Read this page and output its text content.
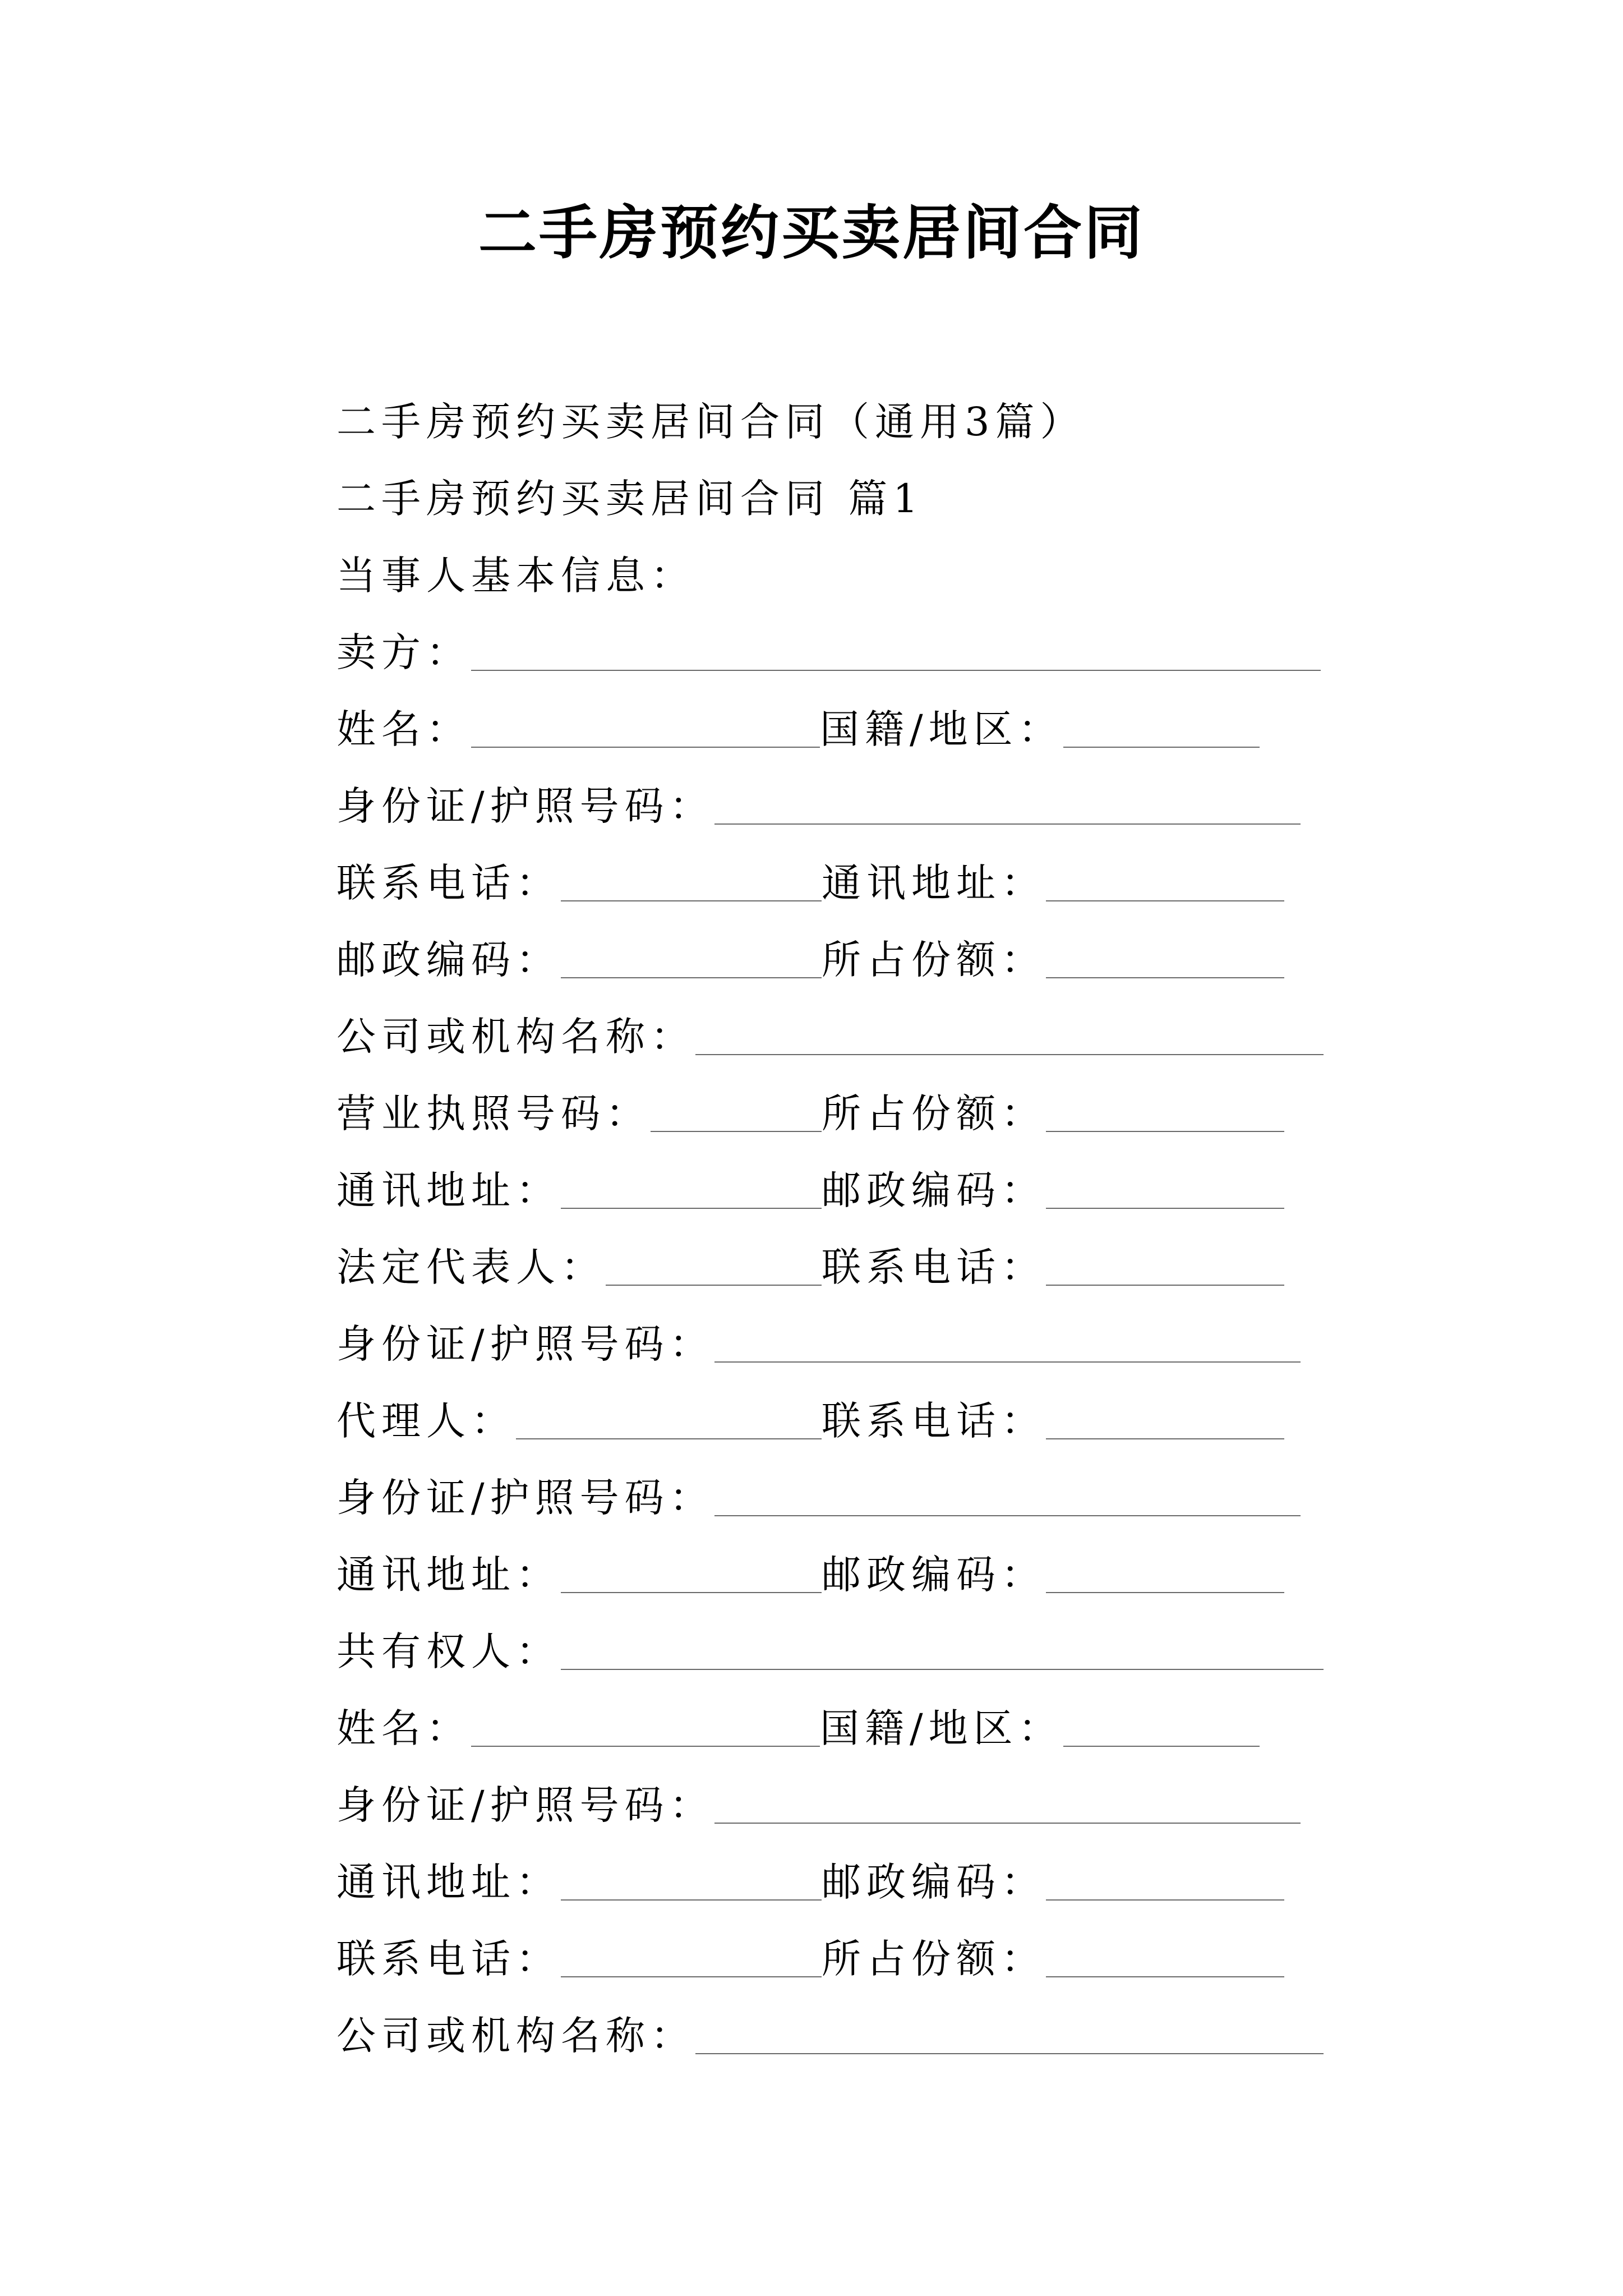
二手房预约买卖居间合同
二手房预约买卖居间合同（通用3篇）
二手房预约买卖居间合同 篇1
当事人基本信息：
卖方：
姓名：	国籍/地区：
身份证/护照号码：
联系电话：	通讯地址：
邮政编码：	所占份额：
公司或机构名称：
营业执照号码：	所占份额：
通讯地址：	邮政编码：
法定代表人：	联系电话：
身份证/护照号码：
代理人：	联系电话：
身份证/护照号码：
通讯地址：	邮政编码：
共有权人：
姓名：	国籍/地区：
身份证/护照号码：
通讯地址：	邮政编码：
联系电话：	所占份额：
公司或机构名称：
